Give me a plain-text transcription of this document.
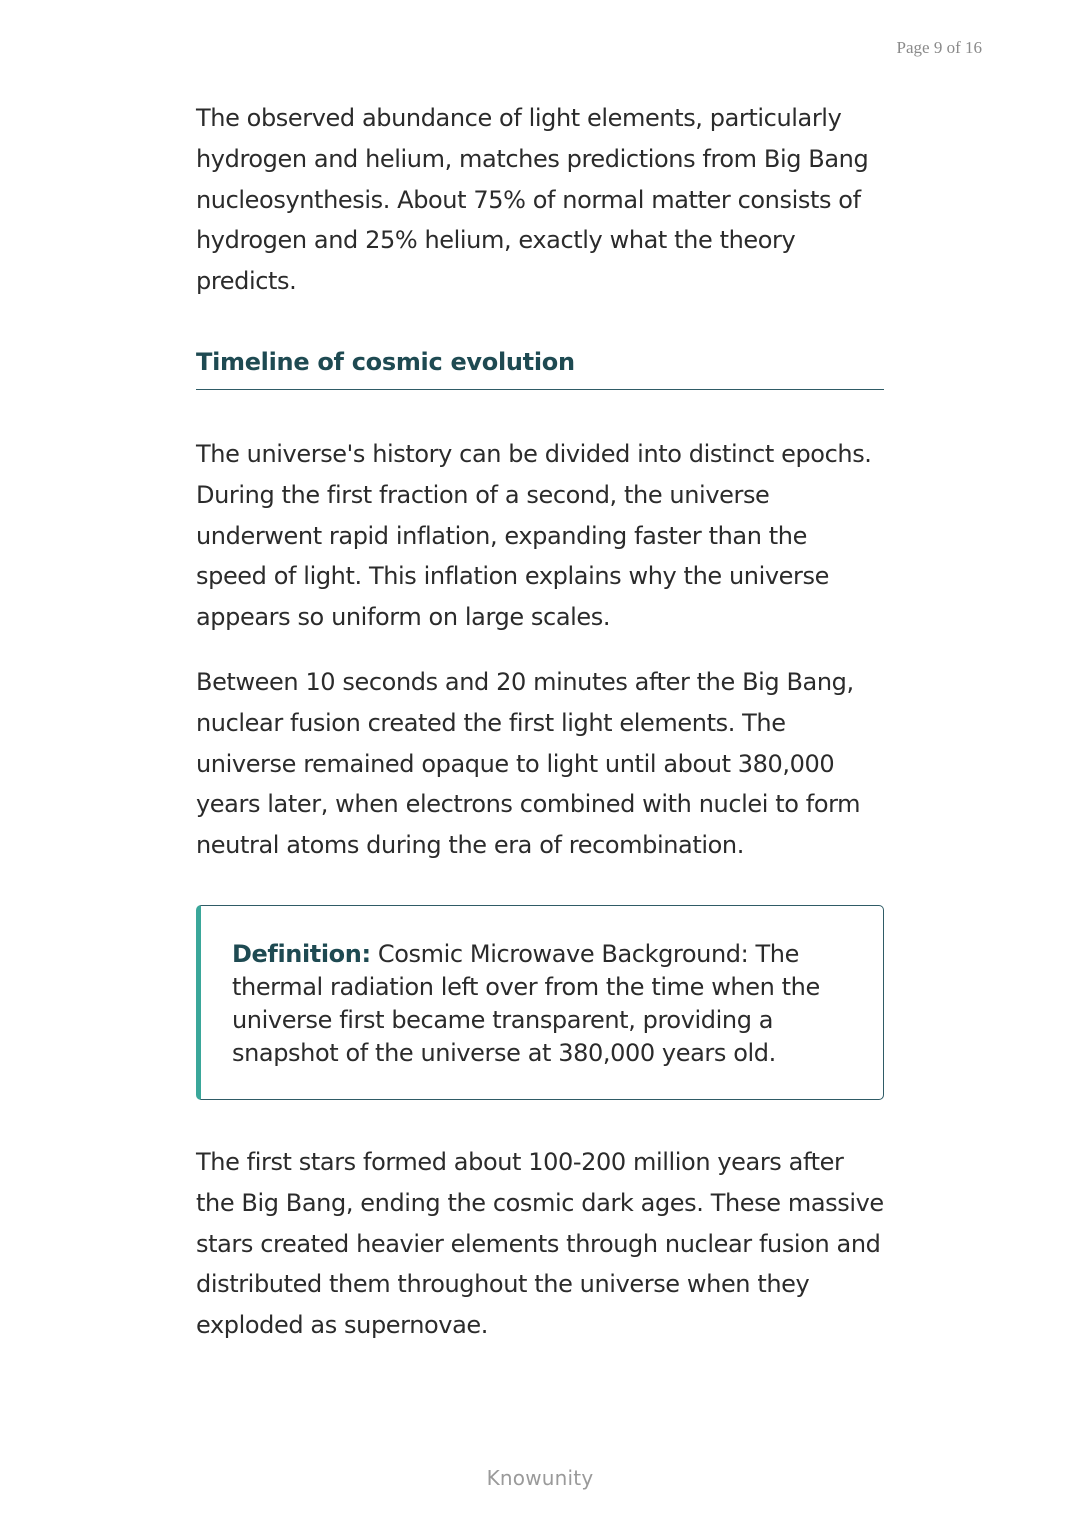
Page 9 of 16

The observed abundance of light elements, particularly hydrogen and helium, matches predictions from Big Bang nucleosynthesis. About 75% of normal matter consists of hydrogen and 25% helium, exactly what the theory predicts.

Timeline of cosmic evolution

The universe's history can be divided into distinct epochs. During the first fraction of a second, the universe underwent rapid inflation, expanding faster than the speed of light. This inflation explains why the universe appears so uniform on large scales.

Between 10 seconds and 20 minutes after the Big Bang, nuclear fusion created the first light elements. The universe remained opaque to light until about 380,000 years later, when electrons combined with nuclei to form neutral atoms during the era of recombination.

Definition: Cosmic Microwave Background: The thermal radiation left over from the time when the universe first became transparent, providing a snapshot of the universe at 380,000 years old.

The first stars formed about 100-200 million years after the Big Bang, ending the cosmic dark ages. These massive stars created heavier elements through nuclear fusion and distributed them throughout the universe when they exploded as supernovae.

Knowunity
